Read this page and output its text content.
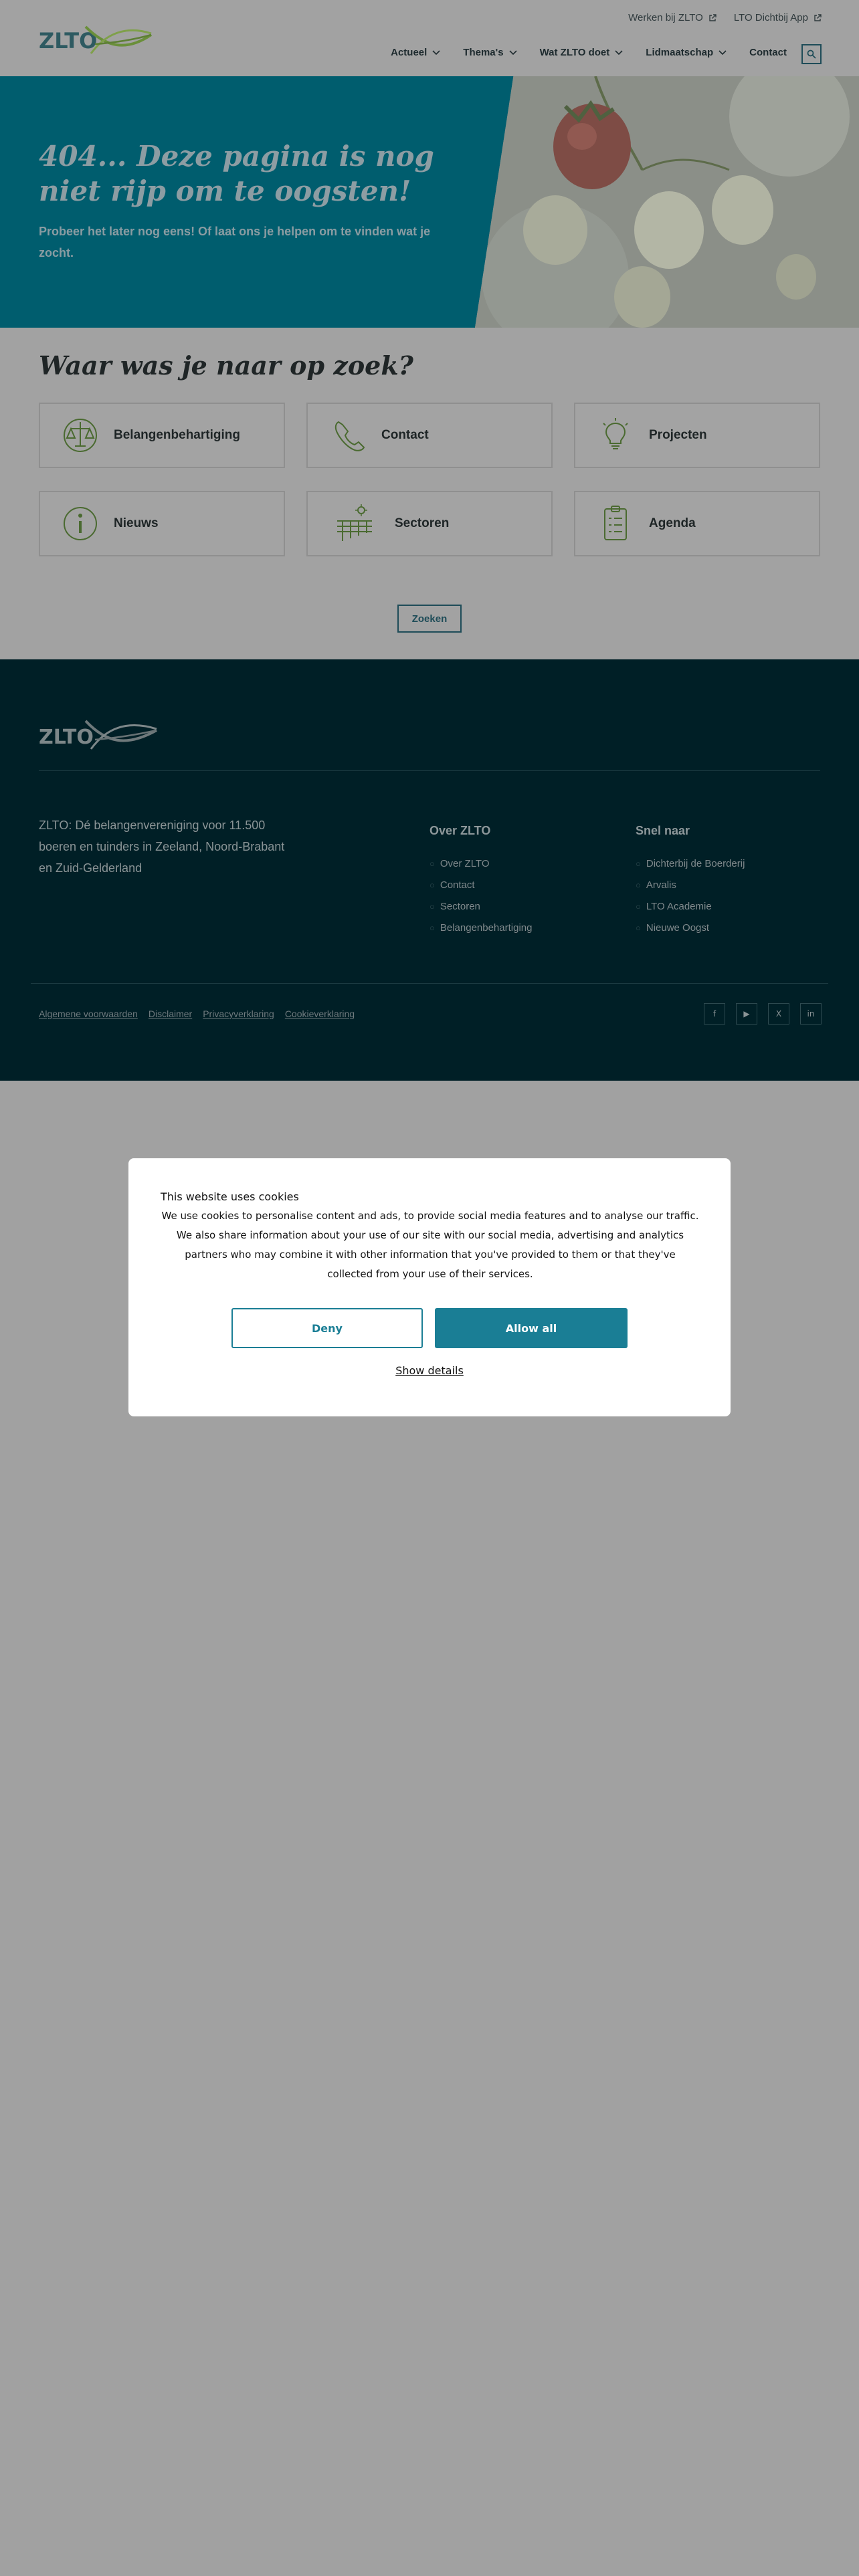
ZLTO
Werken bij ZLTO	LTO Dichtbij App
Actueel	Thema's	Wat ZLTO doet	Lidmaatschap	Contact
404... Deze pagina is nog niet rijp om te oogsten!
Probeer het later nog eens! Of laat ons je helpen om te vinden wat je zocht.
Waar was je naar op zoek?
Belangenbehartiging	Contact	Projecten
Nieuws	Sectoren	Agenda
Zoeken
ZLTO
ZLTO: Dé belangenvereniging voor 11.500 boeren en tuinders in Zeeland, Noord-Brabant en Zuid-Gelderland
Over ZLTO
○ Over ZLTO
○ Contact
○ Sectoren
○ Belangenbehartiging
Snel naar
○ Dichterbij de Boerderij
○ Arvalis
○ LTO Academie
○ Nieuwe Oogst
Algemene voorwaarden Disclaimer Privacyverklaring Cookieverklaring	f	▶	X	in
This website uses cookies
We use cookies to personalise content and ads, to provide social media features and to analyse our traffic. We also share information about your use of our site with our social media, advertising and analytics partners who may combine it with other information that you've provided to them or that they've collected from your use of their services.
Deny	Allow all
Show details
